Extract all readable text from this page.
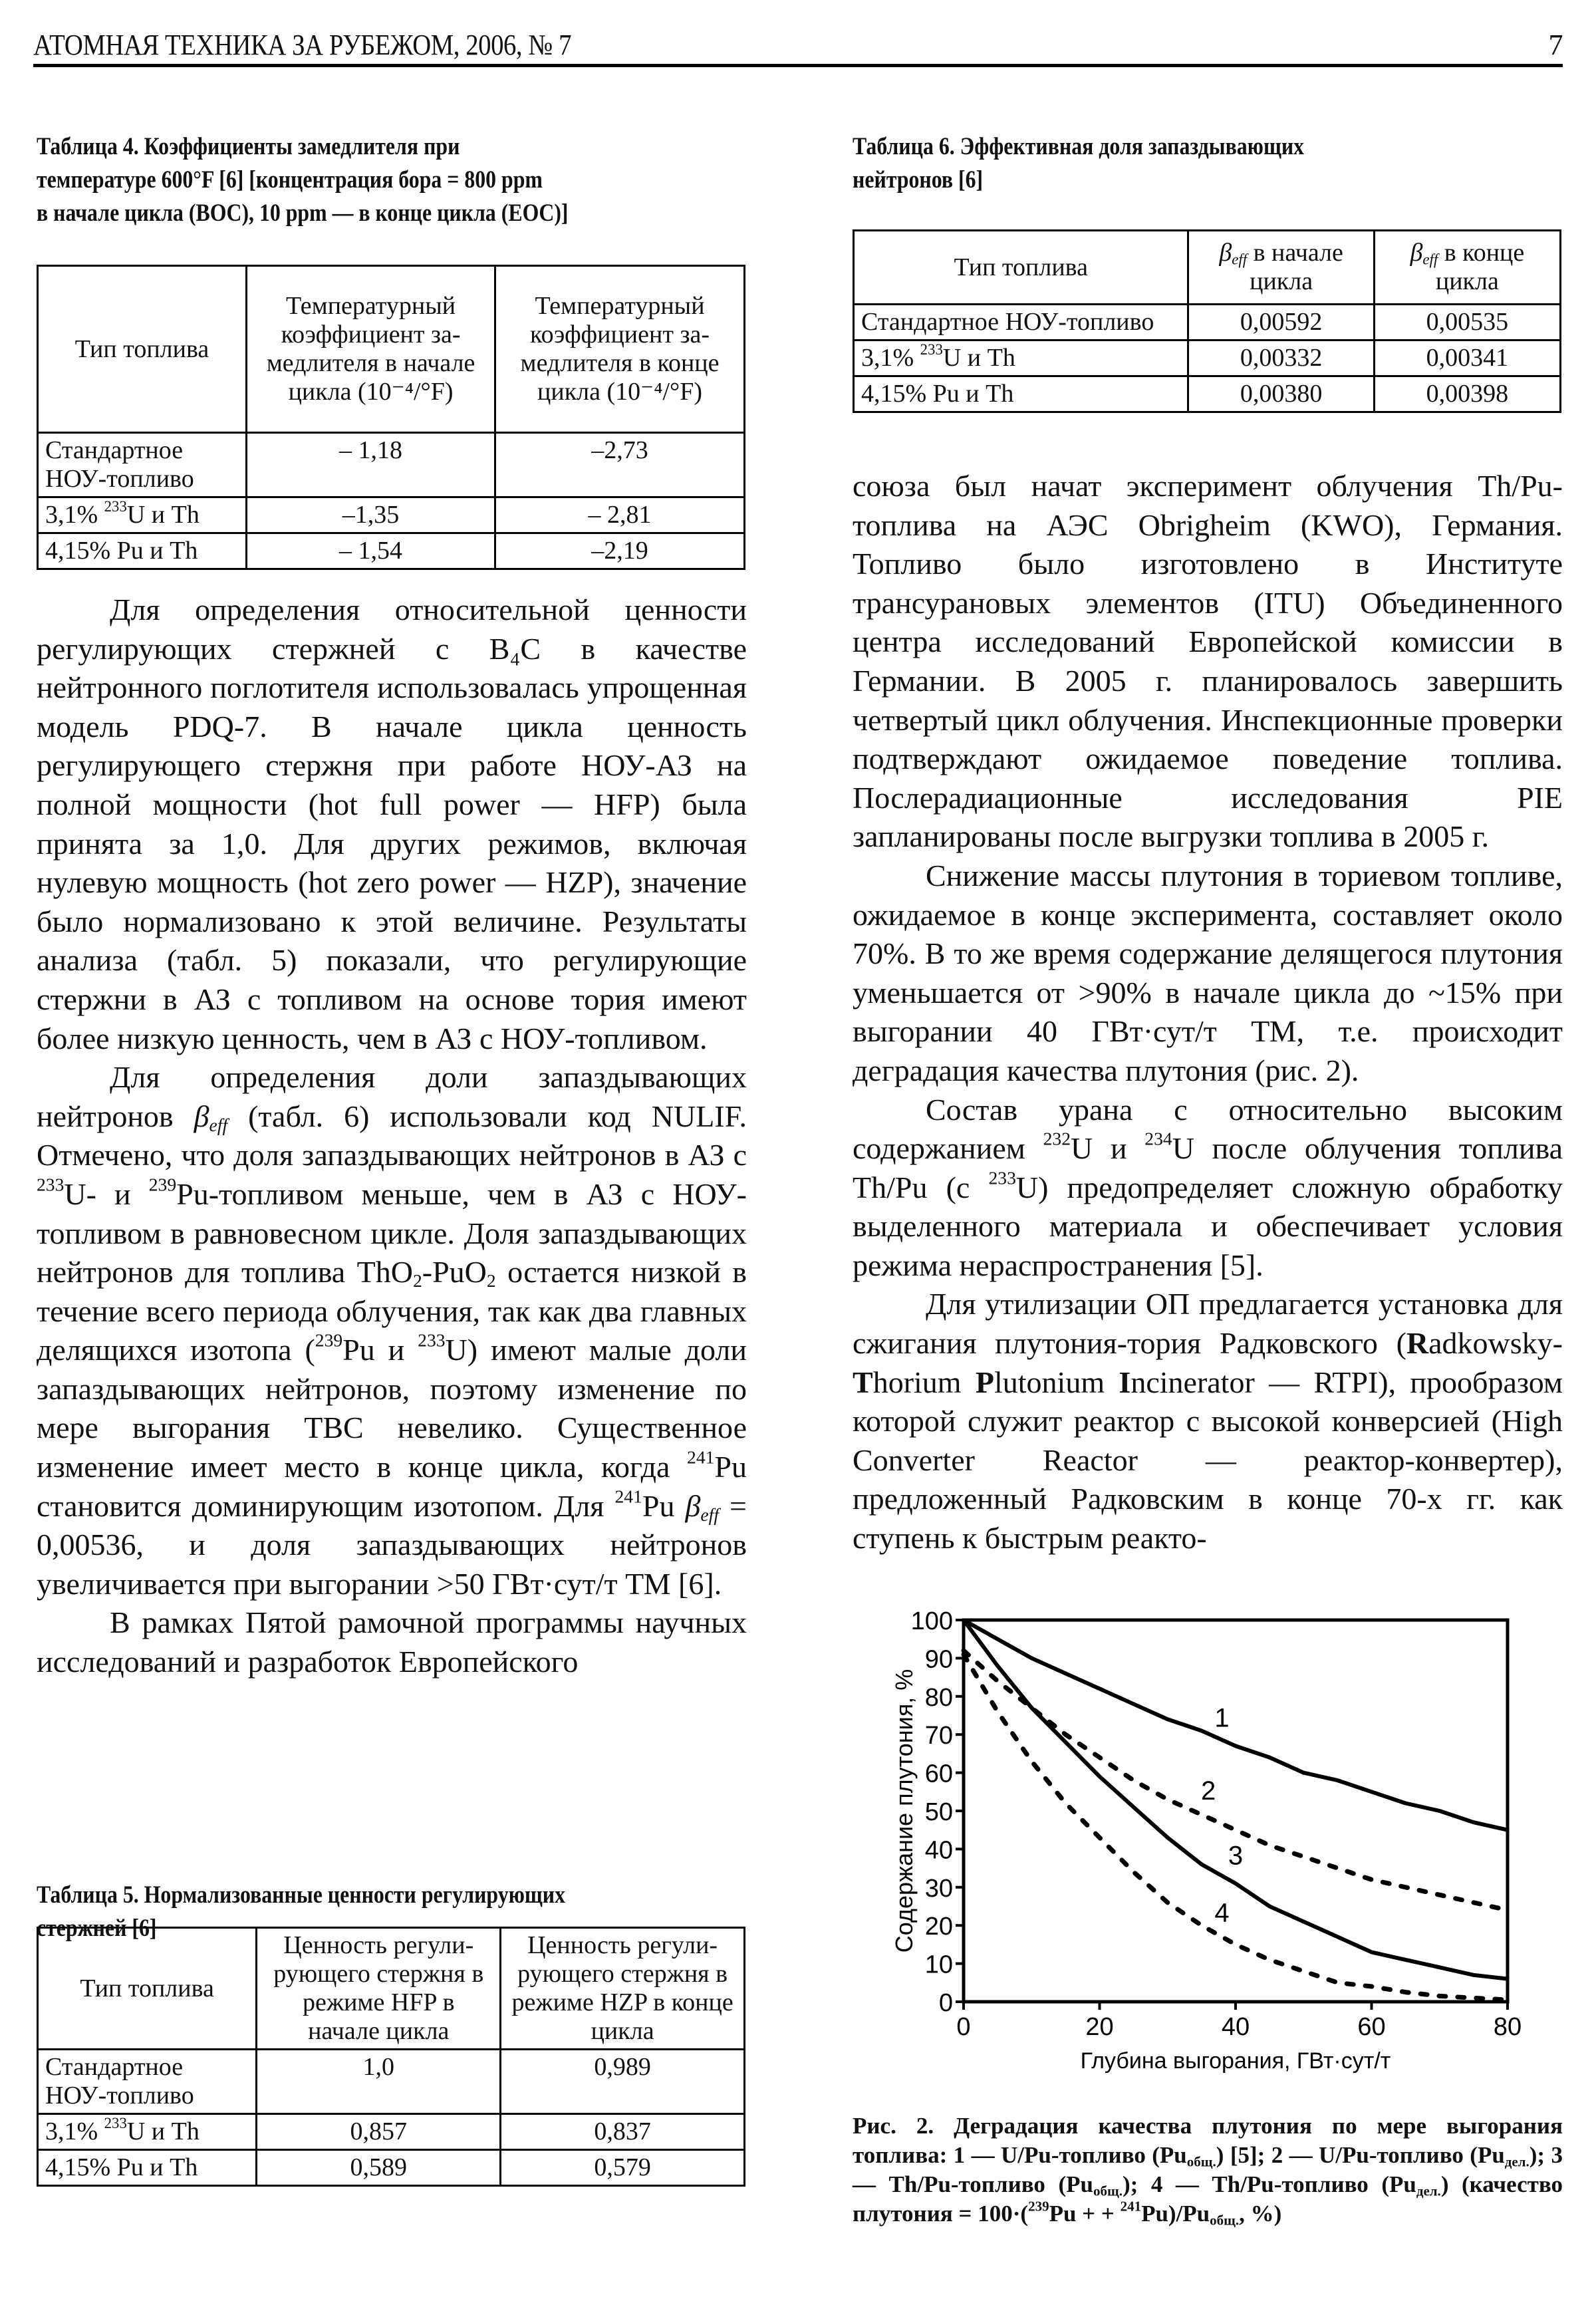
АТОМНАЯ ТЕХНИКА ЗА РУБЕЖОМ, 2006, № 7	7
Таблица 4. Коэффициенты замедлителя при
температуре 600°F [6] [концентрация бора = 800 ppm
в начале цикла (BOC), 10 ppm — в конце цикла (EOC)]
Тип топлива	Температурный коэффициент за-медлителя в начале цикла (10⁻⁴/°F)	Температурный коэффициент за-медлителя в конце цикла (10⁻⁴/°F)
Стандартное НОУ-топливо	– 1,18	–2,73
3,1% $^{233}$U и Th	–1,35	– 2,81
4,15% Pu и Th	– 1,54	–2,19

Для определения относительной ценности регулирующих стержней с B₄C в качестве нейтронного поглотителя использовалась упрощенная модель PDQ-7. В начале цикла ценность регулирующего стержня при работе НОУ-АЗ на полной мощности (hot full power — HFP) была принята за 1,0. Для других режимов, включая нулевую мощность (hot zero power — HZP), значение было нормализовано к этой величине. Результаты анализа (табл. 5) показали, что регулирующие стержни в АЗ с топливом на основе тория имеют более низкую ценность, чем в АЗ с НОУ-топливом.

Для определения доли запаздывающих нейтронов $\beta_{eff}$ (табл. 6) использовали код NULIF. Отмечено, что доля запаздывающих нейтронов в АЗ с $^{233}$U- и $^{239}$Pu-топливом меньше, чем в АЗ с НОУ-топливом в равновесном цикле. Доля запаздывающих нейтронов для топлива ThO$_2$-PuO$_2$ остается низкой в течение всего периода облучения, так как два главных делящихся изотопа ($^{239}$Pu и $^{233}$U) имеют малые доли запаздывающих нейтронов, поэтому изменение по мере выгорания ТВС невелико. Существенное изменение имеет место в конце цикла, когда $^{241}$Pu становится доминирующим изотопом. Для $^{241}$Pu $\beta_{eff} = 0,00536$, и доля запаздывающих нейтронов увеличивается при выгорании >50 ГВт·сут/т ТМ [6].

В рамках Пятой рамочной программы научных исследований и разработок Европейского

Таблица 5. Нормализованные ценности регулирующих
стержней [6]
Тип топлива	Ценность регули-рующего стержня в режиме HFP в начале цикла	Ценность регули-рующего стержня в режиме HZP в конце цикла
Стандартное НОУ-топливо	1,0	0,989
3,1% $^{233}$U и Th	0,857	0,837
4,15% Pu и Th	0,589	0,579
Таблица 6. Эффективная доля запаздывающих
нейтронов [6]
Тип топлива	$\beta_{eff}$ в начале цикла	$\beta_{eff}$ в конце цикла
Стандартное НОУ-топливо	0,00592	0,00535
3,1% $^{233}$U и Th	0,00332	0,00341
4,15% Pu и Th	0,00380	0,00398

союза был начат эксперимент облучения Th/Pu-топлива на АЭС Obrigheim (KWO), Германия. Топливо было изготовлено в Институте трансурановых элементов (ITU) Объединенного центра исследований Европейской комиссии в Германии. В 2005 г. планировалось завершить четвертый цикл облучения. Инспекционные проверки подтверждают ожидаемое поведение топлива. Послерадиационные исследования PIE запланированы после выгрузки топлива в 2005 г.

Снижение массы плутония в ториевом топливе, ожидаемое в конце эксперимента, составляет около 70%. В то же время содержание делящегося плутония уменьшается от >90% в начале цикла до ~15% при выгорании 40 ГВт·сут/т ТМ, т.е. происходит деградация качества плутония (рис. 2).

Состав урана с относительно высоким содержанием $^{232}$U и $^{234}$U после облучения топлива Th/Pu (с $^{233}$U) предопределяет сложную обработку выделенного материала и обеспечивает условия режима нераспространения [5].

Для утилизации ОП предлагается установка для сжигания плутония-тория Радковского (Radkowsky-Thorium Plutonium Incinerator — RTPI), прообразом которой служит реактор с высокой конверсией (High Converter Reactor — реактор-конвертер), предложенный Радковским в конце 70-х гг. как ступень к быстрым реакто-

0
10
20
30
40
50
60
70
80
90
100
0	20	40	60	80
Глубина выгорания, ГВт·сут/т
Содержание плутония, %	1
2
3
4
Рис. 2. Деградация качества плутония по мере выгорания топлива: 1 — U/Pu-топливо $(Pu_{общ.})$ [5]; 2 — U/Pu-топливо $(Pu_{дел.})$; 3 — Th/Pu-топливо $(Pu_{общ.})$; 4 — Th/Pu-топливо $(Pu_{дел.})$ (качество плутония = 100·($^{239}$Pu + + $^{241}Pu)/Pu_{общ.}$, %)
